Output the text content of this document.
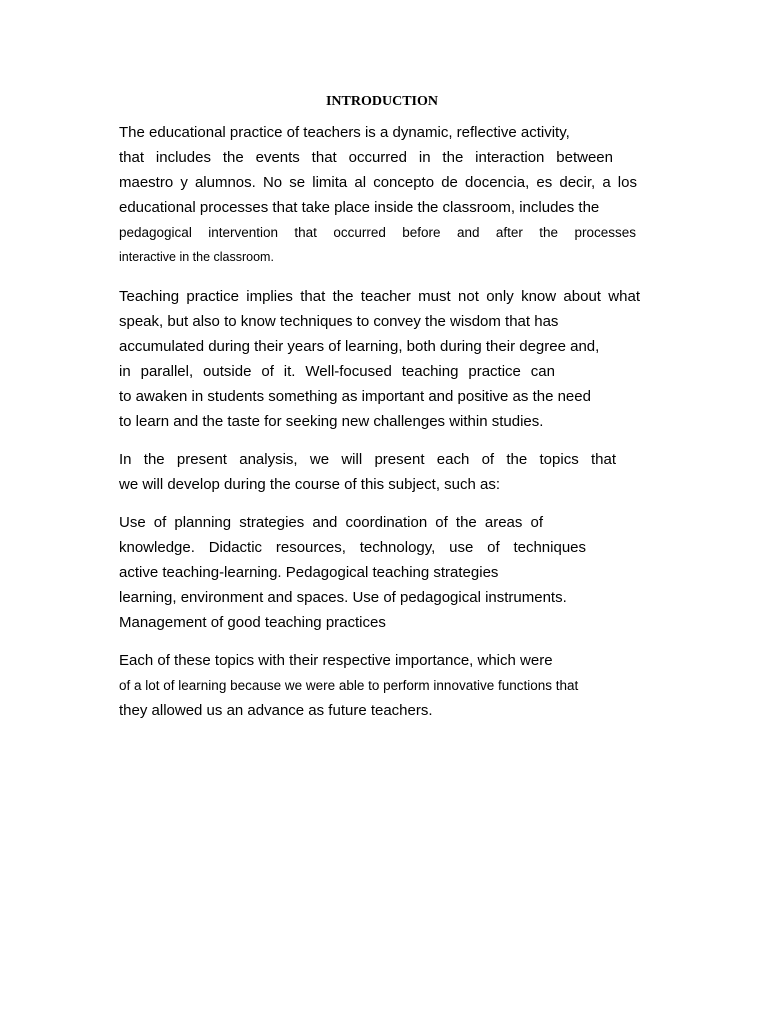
INTRODUCTION
The educational practice of teachers is a dynamic, reflective activity,
that includes the events that occurred in the interaction between
maestro y alumnos. No se limita al concepto de docencia, es decir, a los
educational processes that take place inside the classroom, includes the
pedagogical intervention that occurred before and after the processes
interactive in the classroom.
Teaching practice implies that the teacher must not only know about what
speak, but also to know techniques to convey the wisdom that has
accumulated during their years of learning, both during their degree and,
in parallel, outside of it. Well-focused teaching practice can
to awaken in students something as important and positive as the need
to learn and the taste for seeking new challenges within studies.
In the present analysis, we will present each of the topics that
we will develop during the course of this subject, such as:
Use of planning strategies and coordination of the areas of
knowledge. Didactic resources, technology, use of techniques
active teaching-learning. Pedagogical teaching strategies
learning, environment and spaces. Use of pedagogical instruments.
Management of good teaching practices
Each of these topics with their respective importance, which were
of a lot of learning because we were able to perform innovative functions that
they allowed us an advance as future teachers.
